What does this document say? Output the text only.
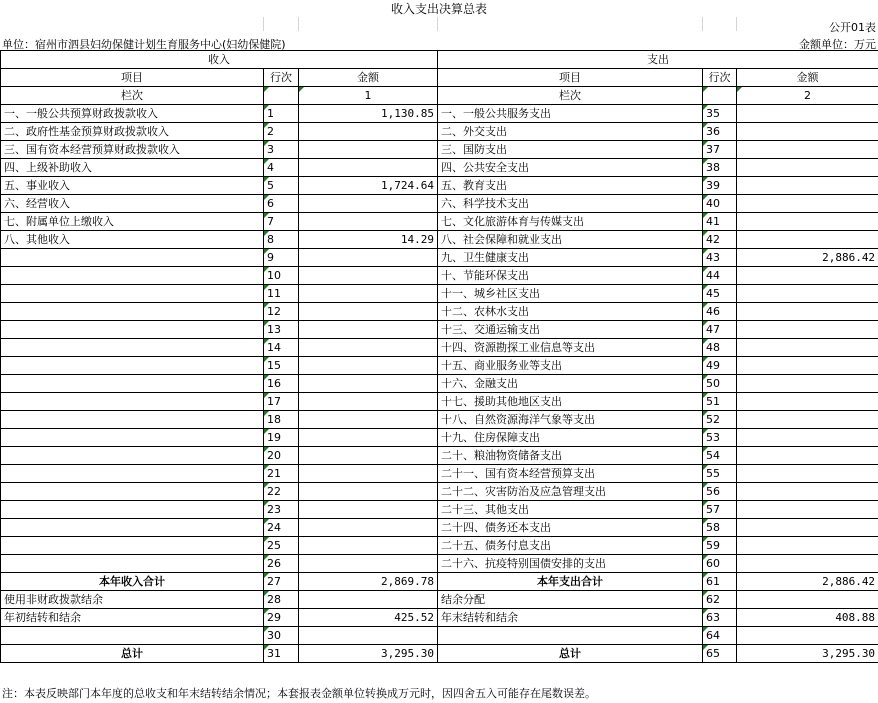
收入支出决算总表
公开01表
单位：宿州市泗县妇幼保健计划生育服务中心(妇幼保健院)	金额单位：万元
收入			支出		
项目	行次	金额	项目	行次	金额
栏次		1	栏次		2
一、一般公共预算财政拨款收入	1	1,130.85	一、一般公共服务支出	35	
二、政府性基金预算财政拨款收入	2		二、外交支出	36	
三、国有资本经营预算财政拨款收入	3		三、国防支出	37	
四、上级补助收入	4		四、公共安全支出	38	
五、事业收入	5	1,724.64	五、教育支出	39	
六、经营收入	6		六、科学技术支出	40	
七、附属单位上缴收入	7		七、文化旅游体育与传媒支出	41	
八、其他收入	8	14.29	八、社会保障和就业支出	42	
	9		九、卫生健康支出	43	2,886.42
	10		十、节能环保支出	44	
	11		十一、城乡社区支出	45	
	12		十二、农林水支出	46	
	13		十三、交通运输支出	47	
	14		十四、资源勘探工业信息等支出	48	
	15		十五、商业服务业等支出	49	
	16		十六、金融支出	50	
	17		十七、援助其他地区支出	51	
	18		十八、自然资源海洋气象等支出	52	
	19		十九、住房保障支出	53	
	20		二十、粮油物资储备支出	54	
	21		二十一、国有资本经营预算支出	55	
	22		二十二、灾害防治及应急管理支出	56	
	23		二十三、其他支出	57	
	24		二十四、债务还本支出	58	
	25		二十五、债务付息支出	59	
	26		二十六、抗疫特别国债安排的支出	60	
本年收入合计	27	2,869.78	本年支出合计	61	2,886.42
使用非财政拨款结余	28		结余分配	62	
年初结转和结余	29	425.52	年末结转和结余	63	408.88
	30			64	
总计	31	3,295.30	总计	65	3,295.30
注：本表反映部门本年度的总收支和年末结转结余情况；本套报表金额单位转换成万元时，因四舍五入可能存在尾数误差。
